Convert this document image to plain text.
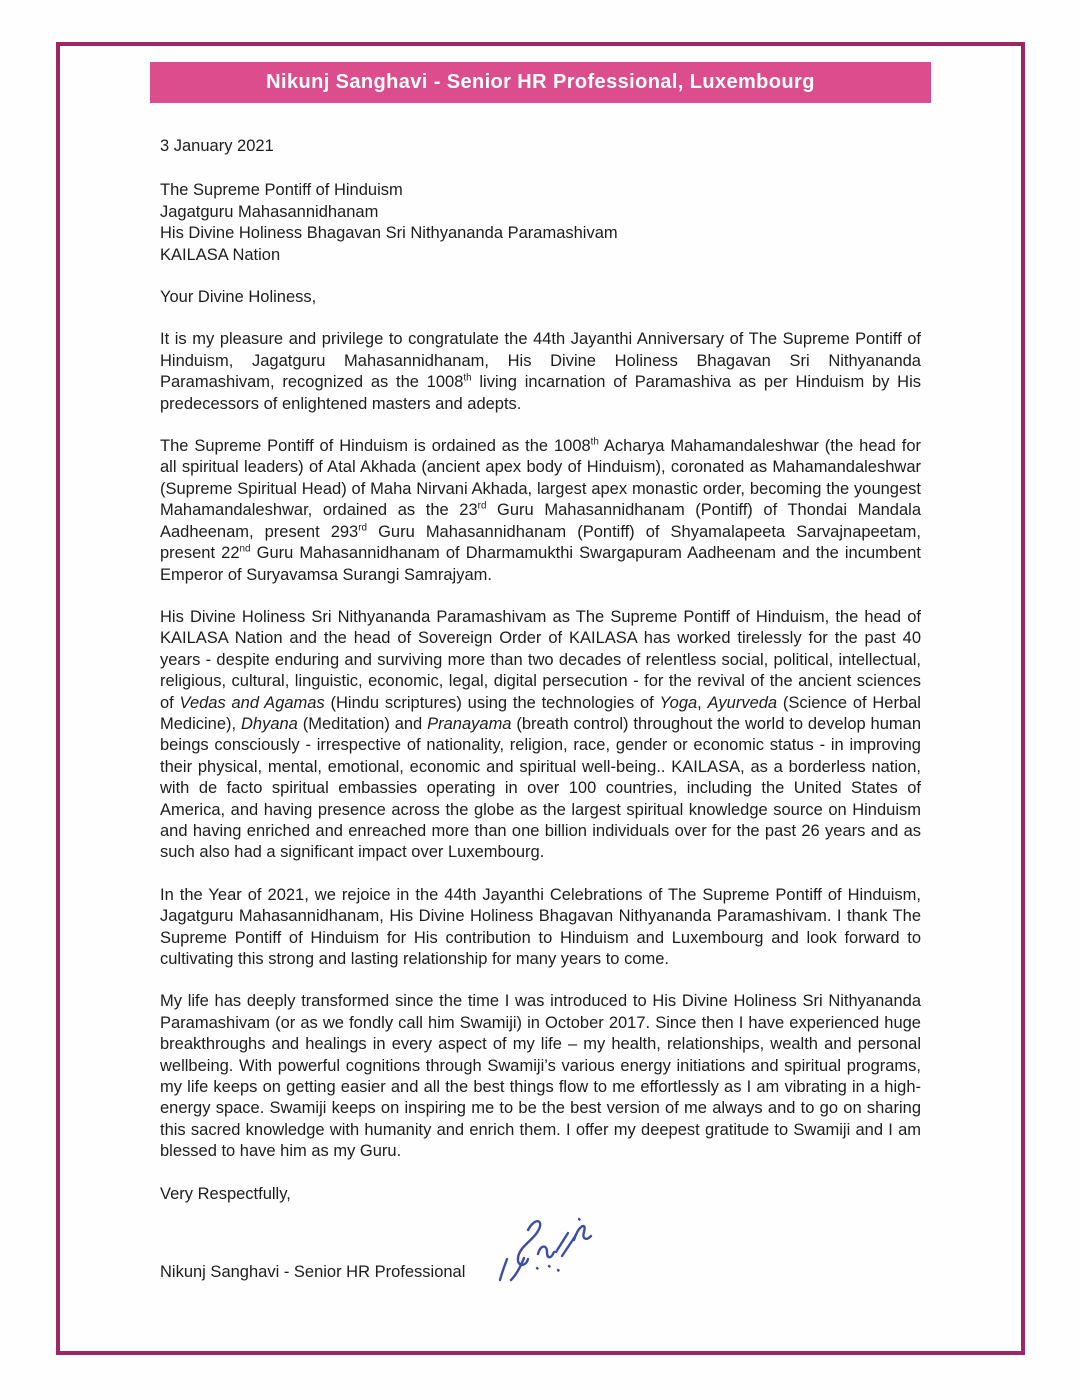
Nikunj Sanghavi - Senior HR Professional, Luxembourg
3 January 2021
The Supreme Pontiff of Hinduism
Jagatguru Mahasannidhanam
His Divine Holiness Bhagavan Sri Nithyananda Paramashivam
KAILASA Nation
Your Divine Holiness,

It is my pleasure and privilege to congratulate the 44th Jayanthi Anniversary of The Supreme Pontiff of Hinduism, Jagatguru Mahasannidhanam, His Divine Holiness Bhagavan Sri Nithyananda Paramashivam, recognized as the 1008th living incarnation of Paramashiva as per Hinduism by His predecessors of enlightened masters and adepts.

The Supreme Pontiff of Hinduism is ordained as the 1008th Acharya Mahamandaleshwar (the head for all spiritual leaders) of Atal Akhada (ancient apex body of Hinduism), coronated as Mahamandaleshwar (Supreme Spiritual Head) of Maha Nirvani Akhada, largest apex monastic order, becoming the youngest Mahamandaleshwar, ordained as the 23rd Guru Mahasannidhanam (Pontiff) of Thondai Mandala Aadheenam, present 293rd Guru Mahasannidhanam (Pontiff) of Shyamalapeeta Sarvajnapeetam, present 22nd Guru Mahasannidhanam of Dharmamukthi Swargapuram Aadheenam and the incumbent Emperor of Suryavamsa Surangi Samrajyam.

His Divine Holiness Sri Nithyananda Paramashivam as The Supreme Pontiff of Hinduism, the head of KAILASA Nation and the head of Sovereign Order of KAILASA has worked tirelessly for the past 40 years - despite enduring and surviving more than two decades of relentless social, political, intellectual, religious, cultural, linguistic, economic, legal, digital persecution - for the revival of the ancient sciences of Vedas and Agamas (Hindu scriptures) using the technologies of Yoga, Ayurveda (Science of Herbal Medicine), Dhyana (Meditation) and Pranayama (breath control) throughout the world to develop human beings consciously - irrespective of nationality, religion, race, gender or economic status - in improving their physical, mental, emotional, economic and spiritual well-being.. KAILASA, as a borderless nation, with de facto spiritual embassies operating in over 100 countries, including the United States of America, and having presence across the globe as the largest spiritual knowledge source on Hinduism and having enriched and enreached more than one billion individuals over for the past 26 years and as such also had a significant impact over Luxembourg.

In the Year of 2021, we rejoice in the 44th Jayanthi Celebrations of The Supreme Pontiff of Hinduism, Jagatguru Mahasannidhanam, His Divine Holiness Bhagavan Nithyananda Paramashivam. I thank The Supreme Pontiff of Hinduism for His contribution to Hinduism and Luxembourg and look forward to cultivating this strong and lasting relationship for many years to come.

My life has deeply transformed since the time I was introduced to His Divine Holiness Sri Nithyananda Paramashivam (or as we fondly call him Swamiji) in October 2017. Since then I have experienced huge breakthroughs and healings in every aspect of my life – my health, relationships, wealth and personal wellbeing. With powerful cognitions through Swamiji’s various energy initiations and spiritual programs, my life keeps on getting easier and all the best things flow to me effortlessly as I am vibrating in a high-energy space. Swamiji keeps on inspiring me to be the best version of me always and to go on sharing this sacred knowledge with humanity and enrich them. I offer my deepest gratitude to Swamiji and I am blessed to have him as my Guru.

Very Respectfully,
Nikunj Sanghavi - Senior HR Professional
